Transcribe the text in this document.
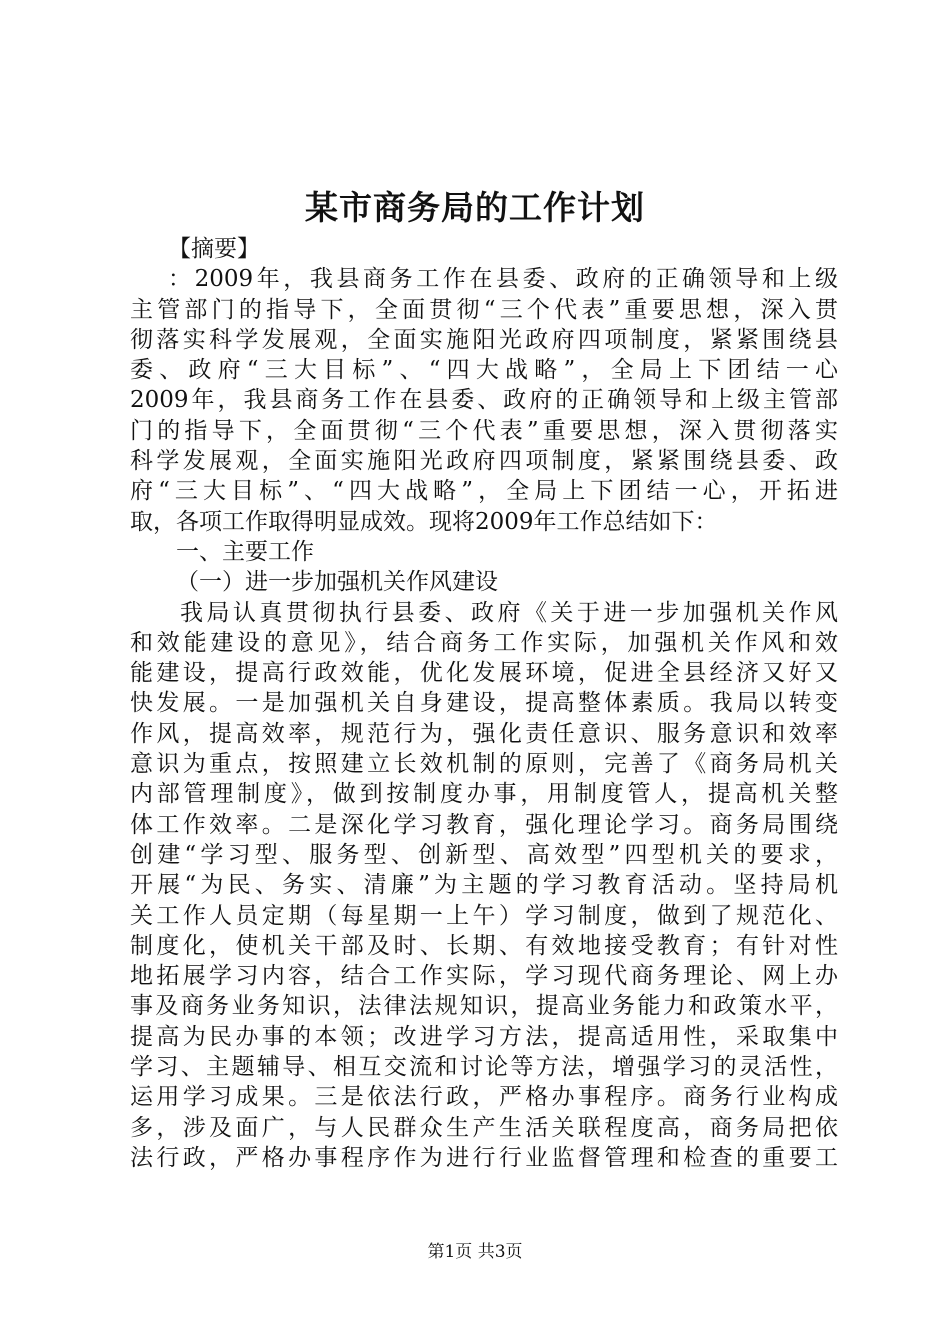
某市商务局的工作计划
【摘要】
：2009年，我县商务工作在县委、政府的正确领导和上级
主管部门的指导下，全面贯彻“三个代表”重要思想，深入贯
彻落实科学发展观，全面实施阳光政府四项制度，紧紧围绕县
委、政府“三大目标”、“四大战略”，全局上下团结一心
2009年，我县商务工作在县委、政府的正确领导和上级主管部
门的指导下，全面贯彻“三个代表”重要思想，深入贯彻落实
科学发展观，全面实施阳光政府四项制度，紧紧围绕县委、政
府“三大目标”、“四大战略”，全局上下团结一心，开拓进
取，各项工作取得明显成效。现将2009年工作总结如下：
一、主要工作
（一）进一步加强机关作风建设
我局认真贯彻执行县委、政府《关于进一步加强机关作风
和效能建设的意见》，结合商务工作实际，加强机关作风和效
能建设，提高行政效能，优化发展环境，促进全县经济又好又
快发展。一是加强机关自身建设，提高整体素质。我局以转变
作风，提高效率，规范行为，强化责任意识、服务意识和效率
意识为重点，按照建立长效机制的原则，完善了《商务局机关
内部管理制度》，做到按制度办事，用制度管人，提高机关整
体工作效率。二是深化学习教育，强化理论学习。商务局围绕
创建“学习型、服务型、创新型、高效型”四型机关的要求，
开展“为民、务实、清廉”为主题的学习教育活动。坚持局机
关工作人员定期（每星期一上午）学习制度，做到了规范化、
制度化，使机关干部及时、长期、有效地接受教育；有针对性
地拓展学习内容，结合工作实际，学习现代商务理论、网上办
事及商务业务知识，法律法规知识，提高业务能力和政策水平，
提高为民办事的本领；改进学习方法，提高适用性，采取集中
学习、主题辅导、相互交流和讨论等方法，增强学习的灵活性，
运用学习成果。三是依法行政，严格办事程序。商务行业构成
多，涉及面广，与人民群众生产生活关联程度高，商务局把依
法行政，严格办事程序作为进行行业监督管理和检查的重要工
第1页 共3页
